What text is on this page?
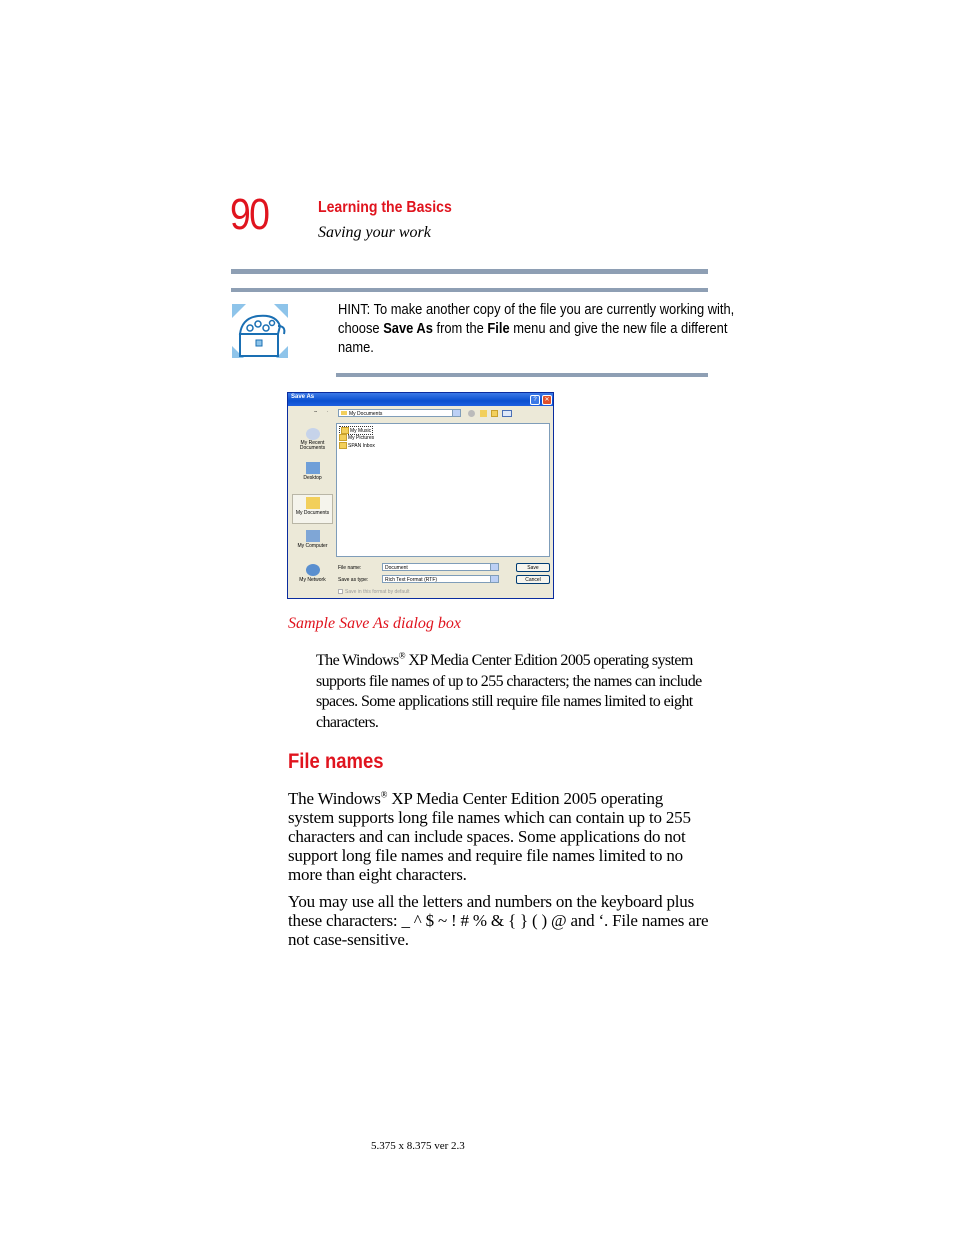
90	Learning the Basics
Saving your work
HINT: To make another copy of the file you are currently working with, choose Save As from the File menu and give the new file a different name.
Save As	?	✕
My Documents
My Recent Documents
Desktop
My Documents
My Computer
My Network
My Music
My Pictures
SPAN Inbox
File name:	Document
Save as type:	Rich Text Format (RTF)
Save
Cancel
Save in this format by default
Sample Save As dialog box
The Windows® XP Media Center Edition 2005 operating system supports file names of up to 255 characters; the names can include spaces. Some applications still require file names limited to eight characters.
File names
The Windows® XP Media Center Edition 2005 operating system supports long file names which can contain up to 255 characters and can include spaces. Some applications do not support long file names and require file names limited to no more than eight characters.
You may use all the letters and numbers on the keyboard plus these characters: _ ^ $ ~ ! # % & { } ( ) @ and ‘. File names are not case-sensitive.
5.375 x 8.375 ver 2.3
